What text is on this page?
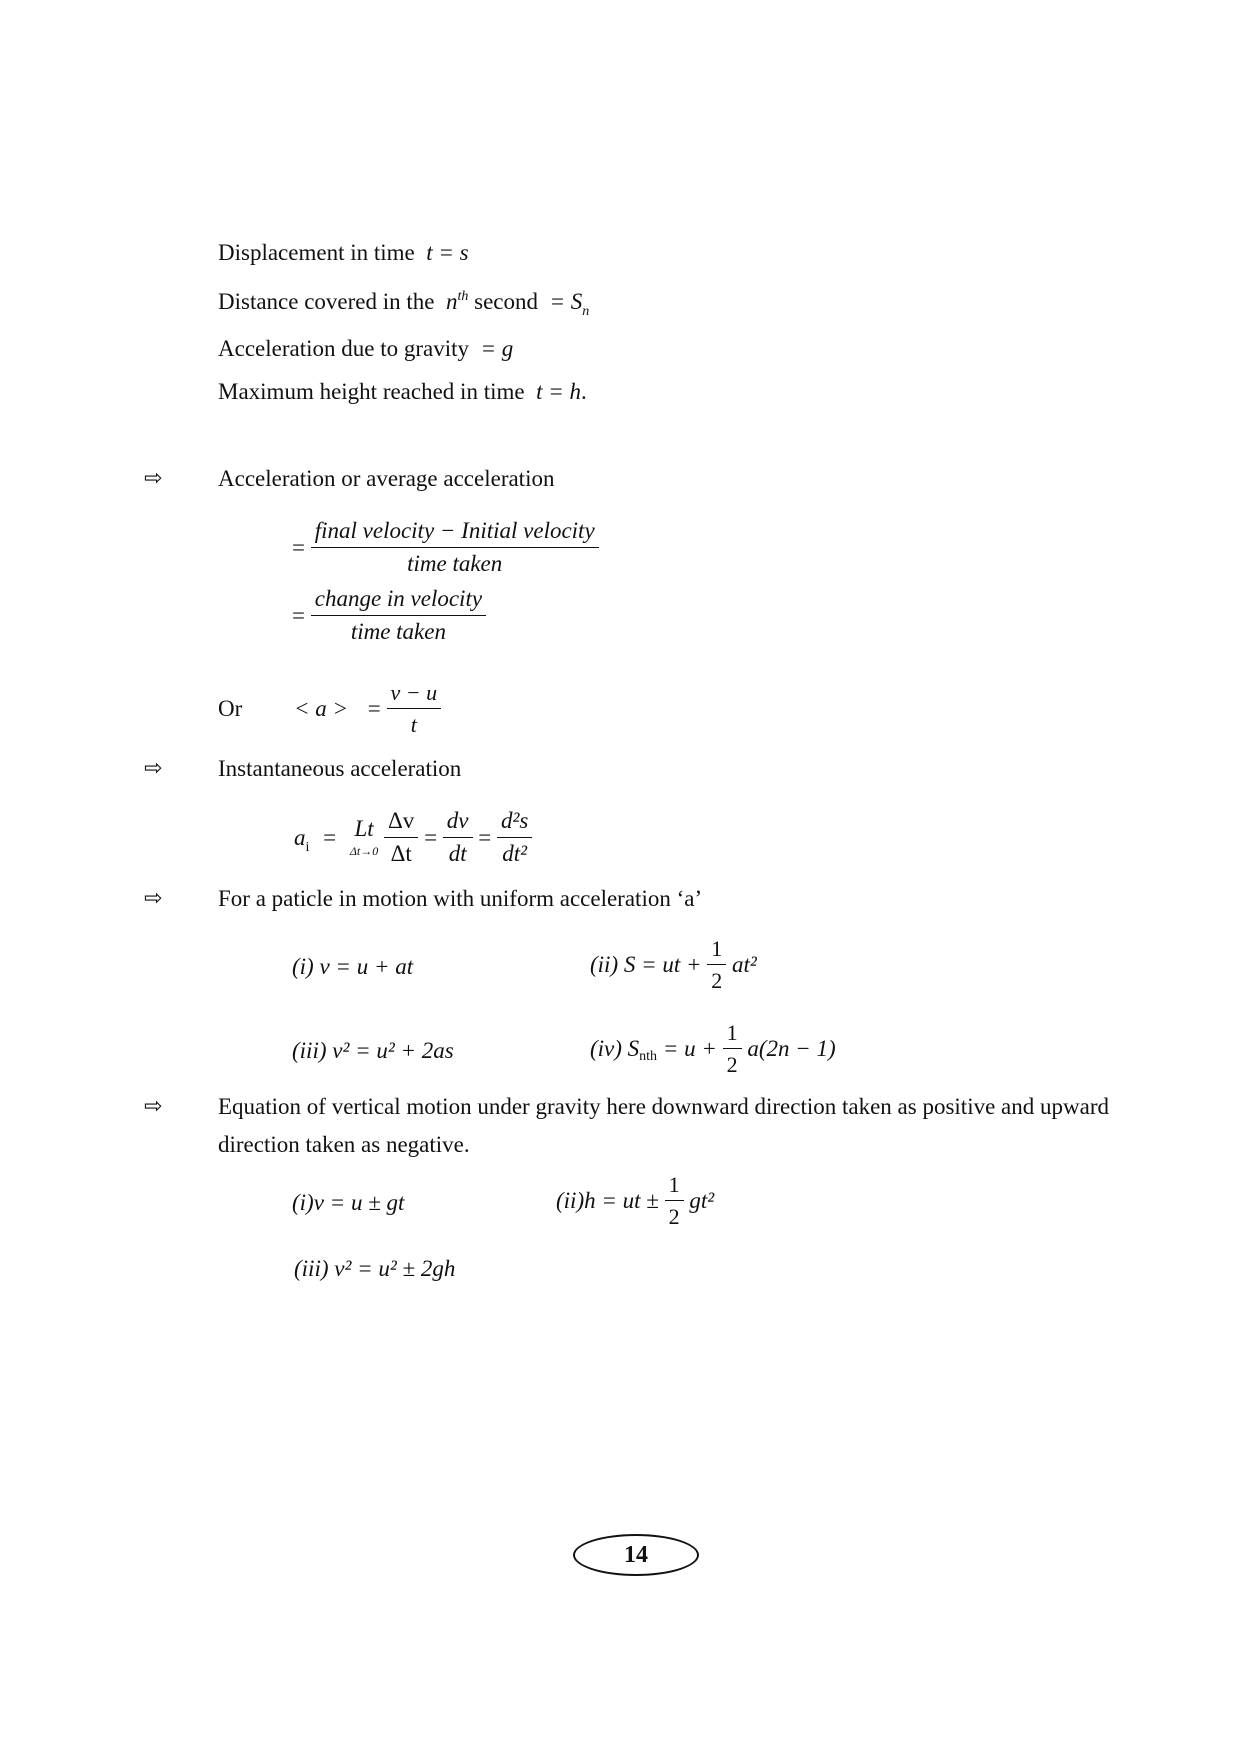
Displacement in time  t = s
Distance covered in the  $n^{th}$ second  = $S_n$
Acceleration due to gravity  = g
Maximum height reached in time  t = h.
⇨ Acceleration or average acceleration
= $\frac{\text{final velocity − Initial velocity}}{\text{time taken}}$
= $\frac{\text{change in velocity}}{\text{time taken}}$
Or < a > = $\frac{v - u}{t}$
⇨ Instantaneous acceleration
$a_i = Lt$
Δt→0
$\frac{\Delta v}{\Delta t} = \frac{dv}{dt} = \frac{\text{d²s}}{\text{dt²}}$
⇨ For a paticle in motion with uniform acceleration ‘a’
(i) v = u + at	(ii) S = ut + $\frac{1}{2} at^2$
(iii) v² = u² + 2as	(iv) $S_{nth} = u + \frac{1}{2} a(2n - 1)$
⇨ Equation of vertical motion under gravity here downward direction taken as positive and upward
direction taken as negative.
(i)v = u ± gt	(ii)h = ut ± $\frac{1}{2} gt^2$
(iii) v² = u² ± 2gh
14
